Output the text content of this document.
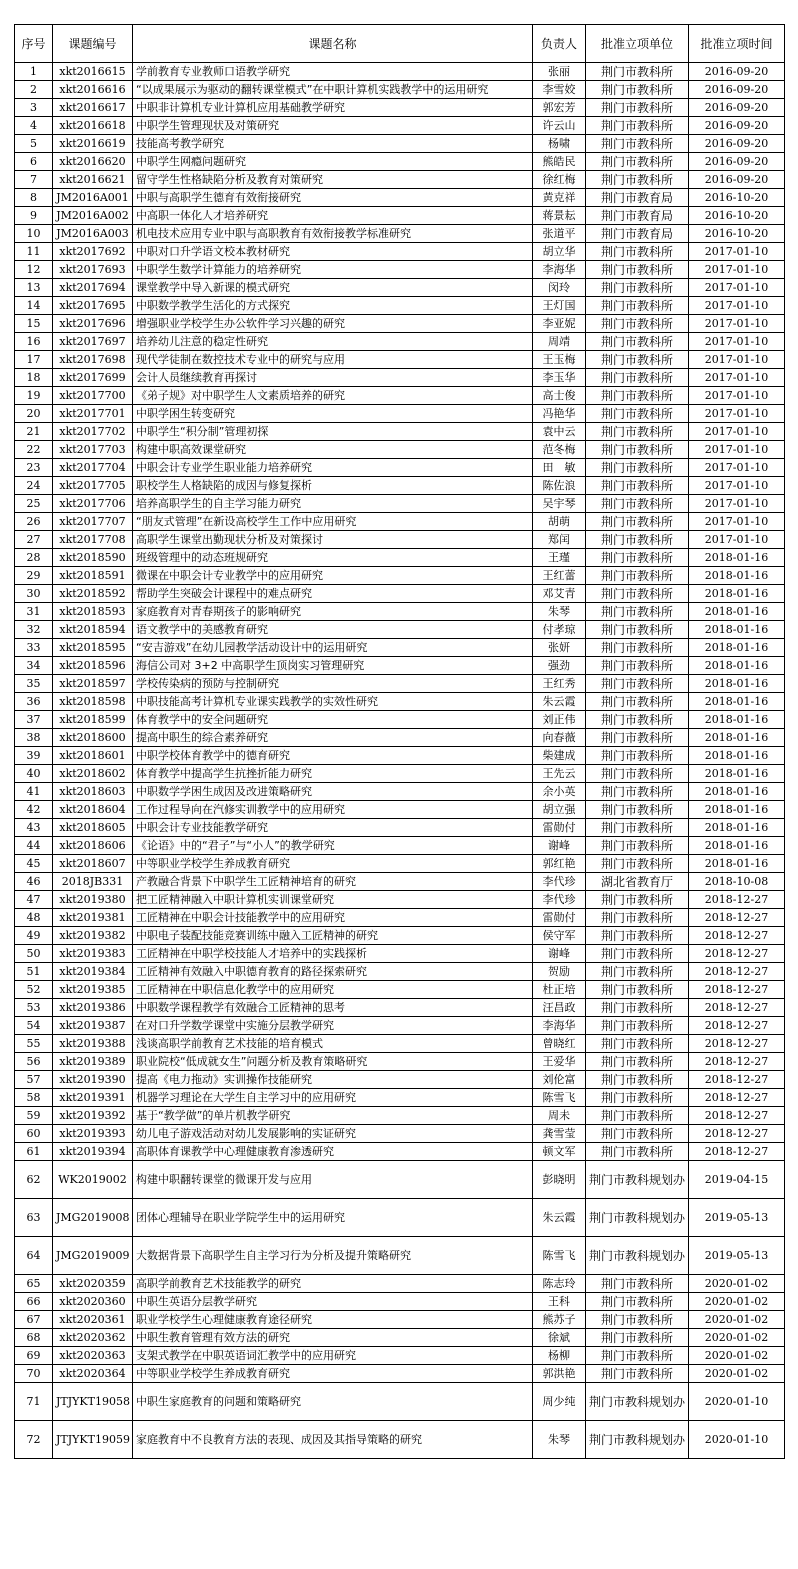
序号	课题编号	课题名称	负责人	批准立项单位	批准立项时间
1	xkt2016615	学前教育专业教师口语教学研究	张丽	荆门市教科所	2016-09-20
2	xkt2016616	“以成果展示为驱动的翻转课堂模式”在中职计算机实践教学中的运用研究	李雪姣	荆门市教科所	2016-09-20
3	xkt2016617	中职非计算机专业计算机应用基础教学研究	郭宏芳	荆门市教科所	2016-09-20
4	xkt2016618	中职学生管理现状及对策研究	许云山	荆门市教科所	2016-09-20
5	xkt2016619	技能高考教学研究	杨啸	荆门市教科所	2016-09-20
6	xkt2016620	中职学生网瘾问题研究	熊皓民	荆门市教科所	2016-09-20
7	xkt2016621	留守学生性格缺陷分析及教育对策研究	徐红梅	荆门市教科所	2016-09-20
8	JM2016A001	中职与高职学生德育有效衔接研究	黄克祥	荆门市教育局	2016-10-20
9	JM2016A002	中高职一体化人才培养研究	蒋景耘	荆门市教育局	2016-10-20
10	JM2016A003	机电技术应用专业中职与高职教育有效衔接教学标准研究	张道平	荆门市教育局	2016-10-20
11	xkt2017692	中职对口升学语文校本教材研究	胡立华	荆门市教科所	2017-01-10
12	xkt2017693	中职学生数学计算能力的培养研究	李海华	荆门市教科所	2017-01-10
13	xkt2017694	课堂教学中导入新课的模式研究	闵玲	荆门市教科所	2017-01-10
14	xkt2017695	中职数学教学生活化的方式探究	王灯国	荆门市教科所	2017-01-10
15	xkt2017696	增强职业学校学生办公软件学习兴趣的研究	李亚妮	荆门市教科所	2017-01-10
16	xkt2017697	培养幼儿注意的稳定性研究	周靖	荆门市教科所	2017-01-10
17	xkt2017698	现代学徒制在数控技术专业中的研究与应用	王玉梅	荆门市教科所	2017-01-10
18	xkt2017699	会计人员继续教育再探讨	李玉华	荆门市教科所	2017-01-10
19	xkt2017700	《弟子规》对中职学生人文素质培养的研究	高士俊	荆门市教科所	2017-01-10
20	xkt2017701	中职学困生转变研究	冯艳华	荆门市教科所	2017-01-10
21	xkt2017702	中职学生“积分制”管理初探	袁中云	荆门市教科所	2017-01-10
22	xkt2017703	构建中职高效课堂研究	范冬梅	荆门市教科所	2017-01-10
23	xkt2017704	中职会计专业学生职业能力培养研究	田　敏	荆门市教科所	2017-01-10
24	xkt2017705	职校学生人格缺陷的成因与修复探析	陈佐浪	荆门市教科所	2017-01-10
25	xkt2017706	培养高职学生的自主学习能力研究	吴宇琴	荆门市教科所	2017-01-10
26	xkt2017707	“朋友式管理”在新设高校学生工作中应用研究	胡萌	荆门市教科所	2017-01-10
27	xkt2017708	高职学生课堂出勤现状分析及对策探讨	郑闰	荆门市教科所	2017-01-10
28	xkt2018590	班级管理中的动态班规研究	王瑾	荆门市教科所	2018-01-16
29	xkt2018591	微课在中职会计专业教学中的应用研究	王红蕾	荆门市教科所	2018-01-16
30	xkt2018592	帮助学生突破会计课程中的难点研究	邓艾青	荆门市教科所	2018-01-16
31	xkt2018593	家庭教育对青春期孩子的影响研究	朱琴	荆门市教科所	2018-01-16
32	xkt2018594	语文教学中的美感教育研究	付孝琼	荆门市教科所	2018-01-16
33	xkt2018595	“安吉游戏”在幼儿园教学活动设计中的运用研究	张妍	荆门市教科所	2018-01-16
34	xkt2018596	海信公司对 3+2 中高职学生顶岗实习管理研究	强劲	荆门市教科所	2018-01-16
35	xkt2018597	学校传染病的预防与控制研究	王红秀	荆门市教科所	2018-01-16
36	xkt2018598	中职技能高考计算机专业课实践教学的实效性研究	朱云霞	荆门市教科所	2018-01-16
37	xkt2018599	体育教学中的安全问题研究	刘正伟	荆门市教科所	2018-01-16
38	xkt2018600	提高中职生的综合素养研究	向春薇	荆门市教科所	2018-01-16
39	xkt2018601	中职学校体育教学中的德育研究	柴建成	荆门市教科所	2018-01-16
40	xkt2018602	体育教学中提高学生抗挫折能力研究	王先云	荆门市教科所	2018-01-16
41	xkt2018603	中职数学学困生成因及改进策略研究	余小英	荆门市教科所	2018-01-16
42	xkt2018604	工作过程导向在汽修实训教学中的应用研究	胡立强	荆门市教科所	2018-01-16
43	xkt2018605	中职会计专业技能教学研究	雷勋付	荆门市教科所	2018-01-16
44	xkt2018606	《论语》中的“君子”与“小人”的教学研究	谢峰	荆门市教科所	2018-01-16
45	xkt2018607	中等职业学校学生养成教育研究	郭红艳	荆门市教科所	2018-01-16
46	2018JB331	产教融合背景下中职学生工匠精神培育的研究	李代珍	湖北省教育厅	2018-10-08
47	xkt2019380	把工匠精神融入中职计算机实训课堂研究	李代珍	荆门市教科所	2018-12-27
48	xkt2019381	工匠精神在中职会计技能教学中的应用研究	雷勋付	荆门市教科所	2018-12-27
49	xkt2019382	中职电子装配技能竞赛训练中融入工匠精神的研究	侯守军	荆门市教科所	2018-12-27
50	xkt2019383	工匠精神在中职学校技能人才培养中的实践探析	谢峰	荆门市教科所	2018-12-27
51	xkt2019384	工匠精神有效融入中职德育教育的路径探索研究	贺励	荆门市教科所	2018-12-27
52	xkt2019385	工匠精神在中职信息化教学中的应用研究	杜正培	荆门市教科所	2018-12-27
53	xkt2019386	中职数学课程教学有效融合工匠精神的思考	汪昌政	荆门市教科所	2018-12-27
54	xkt2019387	在对口升学数学课堂中实施分层教学研究	李海华	荆门市教科所	2018-12-27
55	xkt2019388	浅谈高职学前教育艺术技能的培育模式	曾晓红	荆门市教科所	2018-12-27
56	xkt2019389	职业院校“低成就女生”问题分析及教育策略研究	王爱华	荆门市教科所	2018-12-27
57	xkt2019390	提高《电力拖动》实训操作技能研究	刘伦富	荆门市教科所	2018-12-27
58	xkt2019391	机器学习理论在大学生自主学习中的应用研究	陈雪飞	荆门市教科所	2018-12-27
59	xkt2019392	基于“教学做”的单片机教学研究	周未	荆门市教科所	2018-12-27
60	xkt2019393	幼儿电子游戏活动对幼儿发展影响的实证研究	龚雪莹	荆门市教科所	2018-12-27
61	xkt2019394	高职体育课教学中心理健康教育渗透研究	顿文军	荆门市教科所	2018-12-27
62	WK2019002	构建中职翻转课堂的微课开发与应用	彭晓明	荆门市教科规划办	2019-04-15
63	JMG2019008	团体心理辅导在职业学院学生中的运用研究	朱云霞	荆门市教科规划办	2019-05-13
64	JMG2019009	大数据背景下高职学生自主学习行为分析及提升策略研究	陈雪飞	荆门市教科规划办	2019-05-13
65	xkt2020359	高职学前教育艺术技能教学的研究	陈志玲	荆门市教科所	2020-01-02
66	xkt2020360	中职生英语分层教学研究	王科	荆门市教科所	2020-01-02
67	xkt2020361	职业学校学生心理健康教育途径研究	熊苏子	荆门市教科所	2020-01-02
68	xkt2020362	中职生教育管理有效方法的研究	徐斌	荆门市教科所	2020-01-02
69	xkt2020363	支架式教学在中职英语词汇教学中的应用研究	杨柳	荆门市教科所	2020-01-02
70	xkt2020364	中等职业学校学生养成教育研究	郭洪艳	荆门市教科所	2020-01-02
71	JTJYKT19058	中职生家庭教育的问题和策略研究	周少纯	荆门市教科规划办	2020-01-10
72	JTJYKT19059	家庭教育中不良教育方法的表现、成因及其指导策略的研究	朱琴	荆门市教科规划办	2020-01-10
